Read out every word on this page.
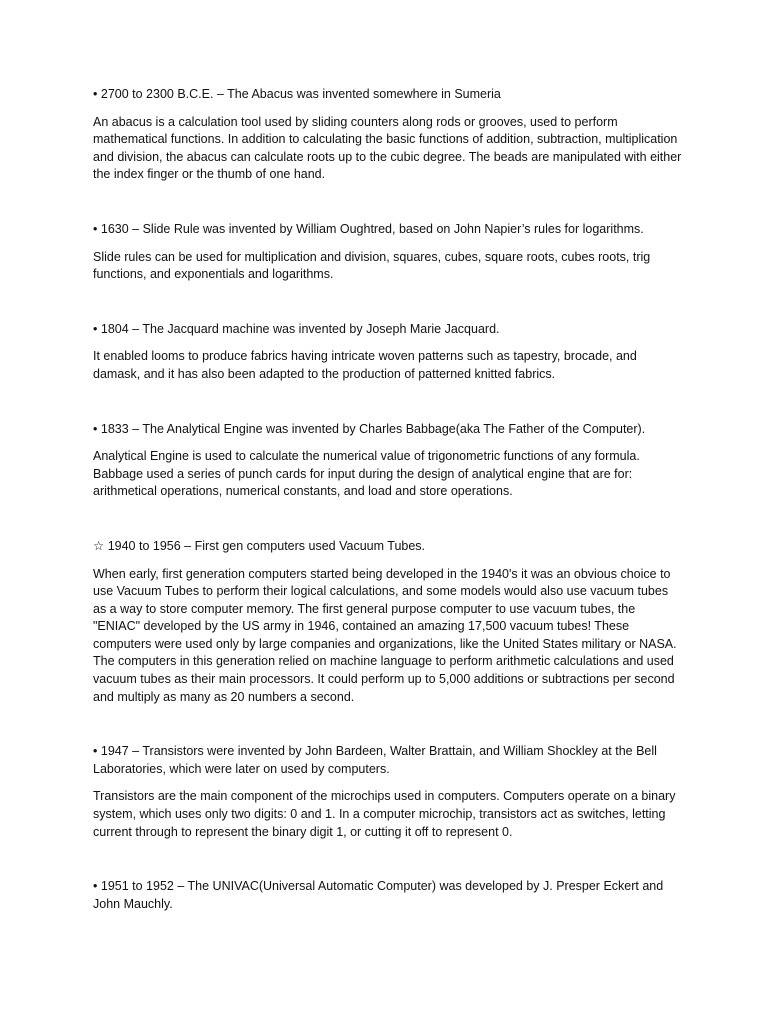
• 2700 to 2300 B.C.E. – The Abacus was invented somewhere in Sumeria

An abacus is a calculation tool used by sliding counters along rods or grooves, used to perform mathematical functions. In addition to calculating the basic functions of addition, subtraction, multiplication and division, the abacus can calculate roots up to the cubic degree. The beads are manipulated with either the index finger or the thumb of one hand.

• 1630 – Slide Rule was invented by William Oughtred, based on John Napier’s rules for logarithms.

Slide rules can be used for multiplication and division, squares, cubes, square roots, cubes roots, trig functions, and exponentials and logarithms.

• 1804 – The Jacquard machine was invented by Joseph Marie Jacquard.

It enabled looms to produce fabrics having intricate woven patterns such as tapestry, brocade, and damask, and it has also been adapted to the production of patterned knitted fabrics.

• 1833 – The Analytical Engine was invented by Charles Babbage(aka The Father of the Computer).

Analytical Engine is used to calculate the numerical value of trigonometric functions of any formula. Babbage used a series of punch cards for input during the design of analytical engine that are for: arithmetical operations, numerical constants, and load and store operations.

☆ 1940 to 1956 – First gen computers used Vacuum Tubes.

When early, first generation computers started being developed in the 1940's it was an obvious choice to use Vacuum Tubes to perform their logical calculations, and some models would also use vacuum tubes as a way to store computer memory. The first general purpose computer to use vacuum tubes, the "ENIAC" developed by the US army in 1946, contained an amazing 17,500 vacuum tubes! These computers were used only by large companies and organizations, like the United States military or NASA. The computers in this generation relied on machine language to perform arithmetic calculations and used vacuum tubes as their main processors. It could perform up to 5,000 additions or subtractions per second and multiply as many as 20 numbers a second.

• 1947 – Transistors were invented by John Bardeen, Walter Brattain, and William Shockley at the Bell Laboratories, which were later on used by computers.

Transistors are the main component of the microchips used in computers. Computers operate on a binary system, which uses only two digits: 0 and 1. In a computer microchip, transistors act as switches, letting current through to represent the binary digit 1, or cutting it off to represent 0.

• 1951 to 1952 – The UNIVAC(Universal Automatic Computer) was developed by J. Presper Eckert and John Mauchly.
